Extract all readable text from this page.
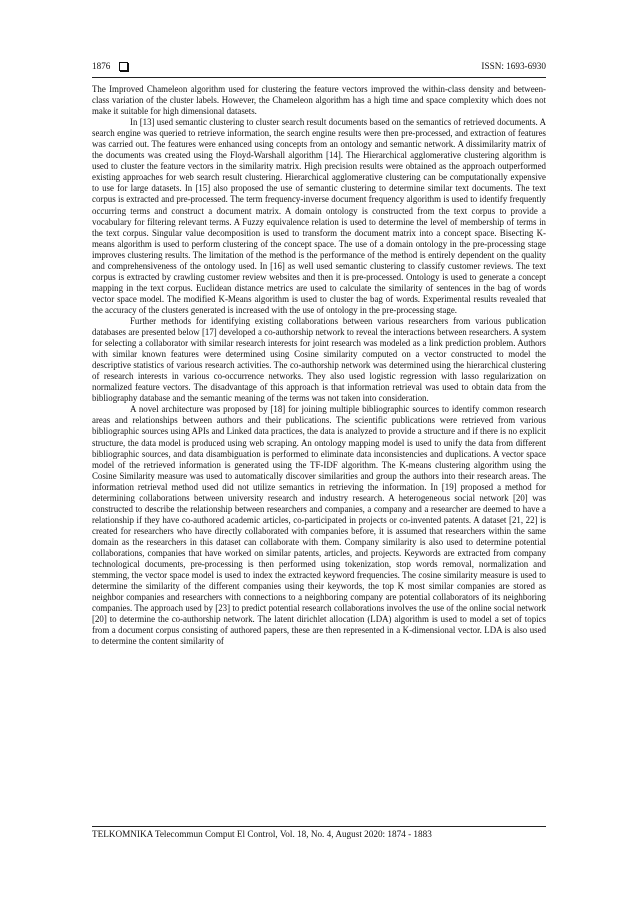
1876	ISSN: 1693-6930

The Improved Chameleon algorithm used for clustering the feature vectors improved the within-class density and between-class variation of the cluster labels. However, the Chameleon algorithm has a high time and space complexity which does not make it suitable for high dimensional datasets.

In [13] used semantic clustering to cluster search result documents based on the semantics of retrieved documents. A search engine was queried to retrieve information, the search engine results were then pre-processed, and extraction of features was carried out. The features were enhanced using concepts from an ontology and semantic network. A dissimilarity matrix of the documents was created using the Floyd-Warshall algorithm [14]. The Hierarchical agglomerative clustering algorithm is used to cluster the feature vectors in the similarity matrix. High precision results were obtained as the approach outperformed existing approaches for web search result clustering. Hierarchical agglomerative clustering can be computationally expensive to use for large datasets. In [15] also proposed the use of semantic clustering to determine similar text documents. The text corpus is extracted and pre-processed. The term frequency-inverse document frequency algorithm is used to identify frequently occurring terms and construct a document matrix. A domain ontology is constructed from the text corpus to provide a vocabulary for filtering relevant terms. A Fuzzy equivalence relation is used to determine the level of membership of terms in the text corpus. Singular value decomposition is used to transform the document matrix into a concept space. Bisecting K-means algorithm is used to perform clustering of the concept space. The use of a domain ontology in the pre-processing stage improves clustering results. The limitation of the method is the performance of the method is entirely dependent on the quality and comprehensiveness of the ontology used. In [16] as well used semantic clustering to classify customer reviews. The text corpus is extracted by crawling customer review websites and then it is pre-processed. Ontology is used to generate a concept mapping in the text corpus. Euclidean distance metrics are used to calculate the similarity of sentences in the bag of words vector space model. The modified K-Means algorithm is used to cluster the bag of words. Experimental results revealed that the accuracy of the clusters generated is increased with the use of ontology in the pre-processing stage.

Further methods for identifying existing collaborations between various researchers from various publication databases are presented below [17] developed a co-authorship network to reveal the interactions between researchers. A system for selecting a collaborator with similar research interests for joint research was modeled as a link prediction problem. Authors with similar known features were determined using Cosine similarity computed on a vector constructed to model the descriptive statistics of various research activities. The co-authorship network was determined using the hierarchical clustering of research interests in various co-occurrence networks. They also used logistic regression with lasso regularization on normalized feature vectors. The disadvantage of this approach is that information retrieval was used to obtain data from the bibliography database and the semantic meaning of the terms was not taken into consideration.

A novel architecture was proposed by [18] for joining multiple bibliographic sources to identify common research areas and relationships between authors and their publications. The scientific publications were retrieved from various bibliographic sources using APIs and Linked data practices, the data is analyzed to provide a structure and if there is no explicit structure, the data model is produced using web scraping. An ontology mapping model is used to unify the data from different bibliographic sources, and data disambiguation is performed to eliminate data inconsistencies and duplications. A vector space model of the retrieved information is generated using the TF-IDF algorithm. The K-means clustering algorithm using the Cosine Similarity measure was used to automatically discover similarities and group the authors into their research areas. The information retrieval method used did not utilize semantics in retrieving the information. In [19] proposed a method for determining collaborations between university research and industry research. A heterogeneous social network [20] was constructed to describe the relationship between researchers and companies, a company and a researcher are deemed to have a relationship if they have co-authored academic articles, co-participated in projects or co-invented patents. A dataset [21, 22] is created for researchers who have directly collaborated with companies before, it is assumed that researchers within the same domain as the researchers in this dataset can collaborate with them. Company similarity is also used to determine potential collaborations, companies that have worked on similar patents, articles, and projects. Keywords are extracted from company technological documents, pre-processing is then performed using tokenization, stop words removal, normalization and stemming, the vector space model is used to index the extracted keyword frequencies. The cosine similarity measure is used to determine the similarity of the different companies using their keywords, the top K most similar companies are stored as neighbor companies and researchers with connections to a neighboring company are potential collaborators of its neighboring companies. The approach used by [23] to predict potential research collaborations involves the use of the online social network [20] to determine the co-authorship network. The latent dirichlet allocation (LDA) algorithm is used to model a set of topics from a document corpus consisting of authored papers, these are then represented in a K-dimensional vector. LDA is also used to determine the content similarity of

TELKOMNIKA Telecommun Comput El Control, Vol. 18, No. 4, August 2020: 1874 - 1883
